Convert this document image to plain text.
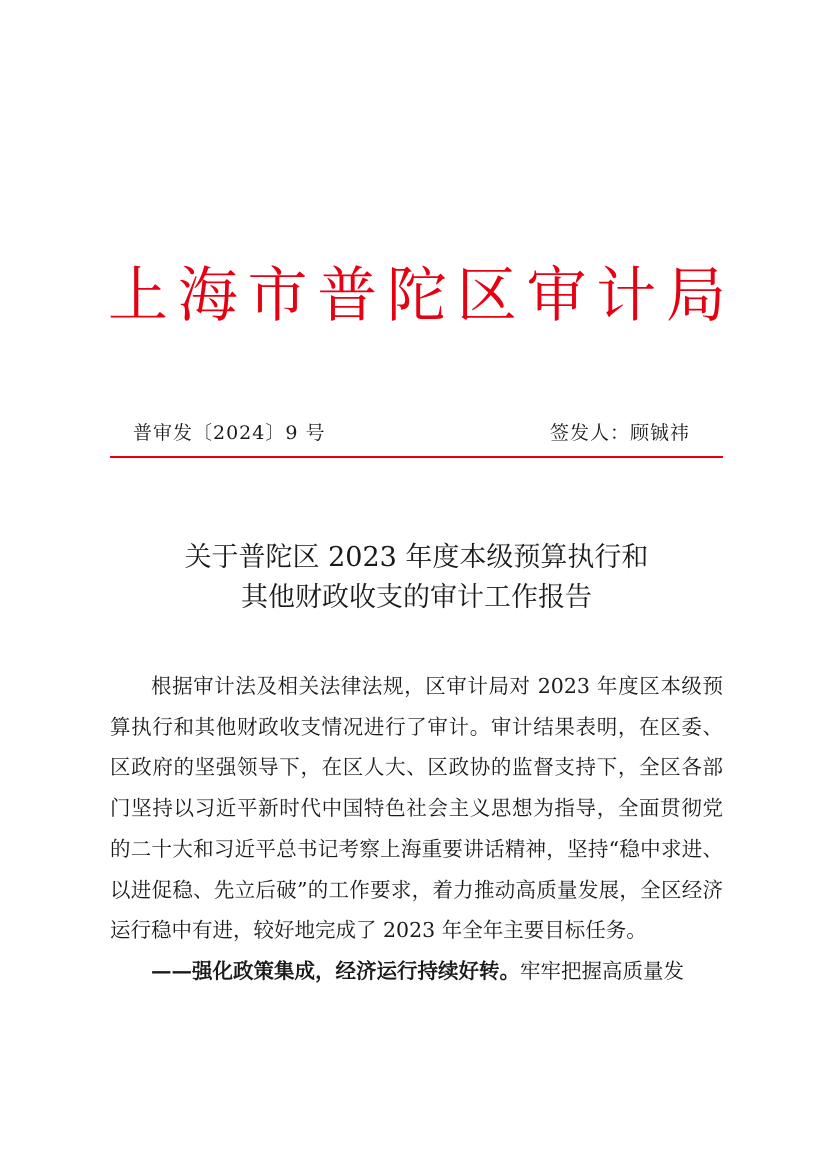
上海市普陀区审计局
普审发〔2024〕9 号	签发人：顾铖祎
关于普陀区 2023 年度本级预算执行和
其他财政收支的审计工作报告

根据审计法及相关法律法规，区审计局对 2023 年度区本级预算执行和其他财政收支情况进行了审计。审计结果表明，在区委、区政府的坚强领导下，在区人大、区政协的监督支持下，全区各部门坚持以习近平新时代中国特色社会主义思想为指导，全面贯彻党的二十大和习近平总书记考察上海重要讲话精神，坚持“稳中求进、以进促稳、先立后破”的工作要求，着力推动高质量发展，全区经济运行稳中有进，较好地完成了 2023 年全年主要目标任务。

——强化政策集成，经济运行持续好转。牢牢把握高质量发
